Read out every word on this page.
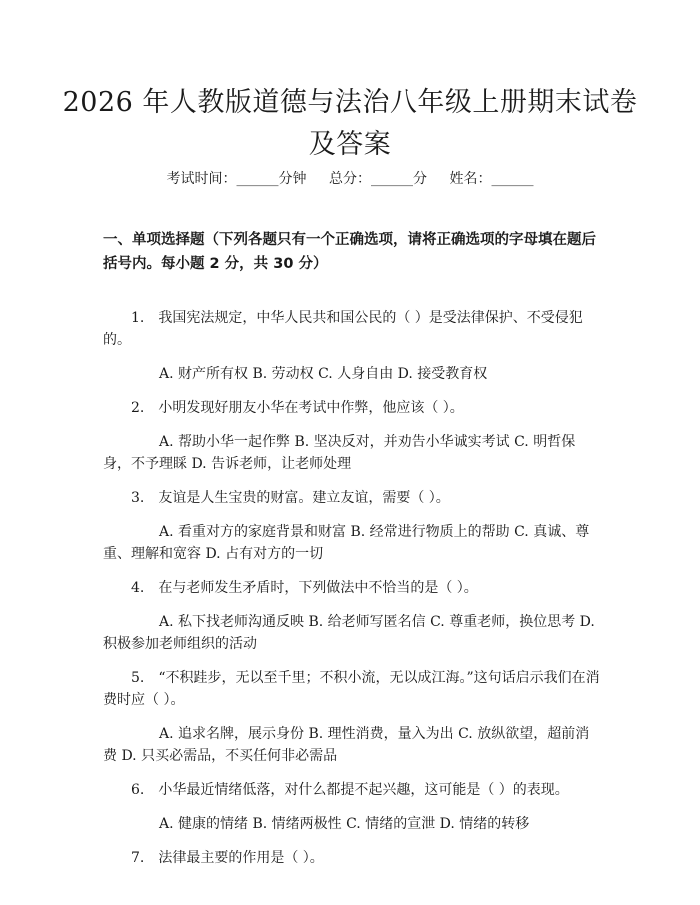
2026 年人教版道德与法治八年级上册期末试卷及答案
考试时间：______分钟 总分：______分 姓名：______
一、单项选择题（下列各题只有一个正确选项，请将正确选项的字母填在题后括号内。每小题 2 分，共 30 分）

1.　我国宪法规定，中华人民共和国公民的（ ）是受法律保护、不受侵犯的。

A. 财产所有权 B. 劳动权 C. 人身自由 D. 接受教育权

2.　小明发现好朋友小华在考试中作弊，他应该（ ）。

A. 帮助小华一起作弊 B. 坚决反对，并劝告小华诚实考试 C. 明哲保身，不予理睬 D. 告诉老师，让老师处理

3.　友谊是人生宝贵的财富。建立友谊，需要（ ）。

A. 看重对方的家庭背景和财富 B. 经常进行物质上的帮助 C. 真诚、尊重、理解和宽容 D. 占有对方的一切

4.　在与老师发生矛盾时，下列做法中不恰当的是（ ）。

A. 私下找老师沟通反映 B. 给老师写匿名信 C. 尊重老师，换位思考 D. 积极参加老师组织的活动

5.　“不积跬步，无以至千里；不积小流，无以成江海。”这句话启示我们在消费时应（ ）。

A. 追求名牌，展示身份 B. 理性消费，量入为出 C. 放纵欲望，超前消费 D. 只买必需品，不买任何非必需品

6.　小华最近情绪低落，对什么都提不起兴趣，这可能是（ ）的表现。

A. 健康的情绪 B. 情绪两极性 C. 情绪的宣泄 D. 情绪的转移

7.　法律最主要的作用是（ ）。
